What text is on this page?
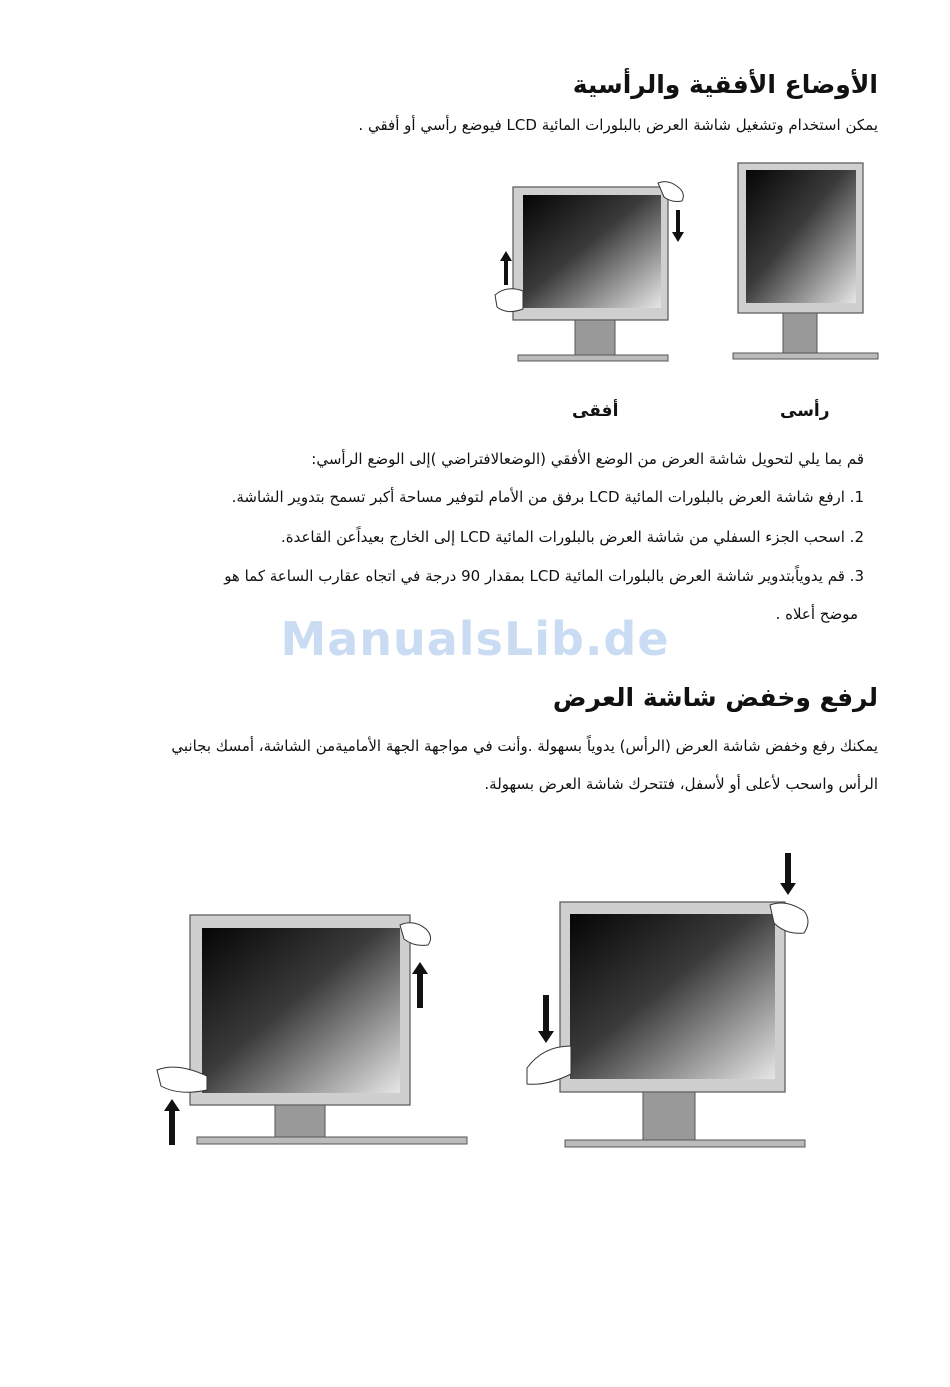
الأوضاع الأفقية والرأسية
يمكن استخدام وتشغيل شاشة العرض بالبلورات المائية LCD فيوضع رأسي أو أفقي .
أفقى	رأسى
قم بما يلي لتحويل شاشة العرض من الوضع الأفقي (الوضعالافتراضي )إلى الوضع الرأسي:
1. ارفع شاشة العرض بالبلورات المائية LCD برفق من الأمام لتوفير مساحة أكبر تسمح بتدوير الشاشة.
2. اسحب الجزء السفلي من شاشة العرض بالبلورات المائية LCD إلى الخارج بعيداًعن القاعدة.
3. قم يدوياًبتدوير شاشة العرض بالبلورات المائية LCD بمقدار 90 درجة في اتجاه عقارب الساعة كما هو
موضح أعلاه .
ManualsLib.de
لرفع وخفض شاشة العرض
يمكنك رفع وخفض شاشة العرض (الرأس) يدوياً بسهولة .وأنت في مواجهة الجهة الأماميةمن الشاشة، أمسك بجانبي
الرأس واسحب لأعلى أو لأسفل، فتتحرك شاشة العرض بسهولة.
